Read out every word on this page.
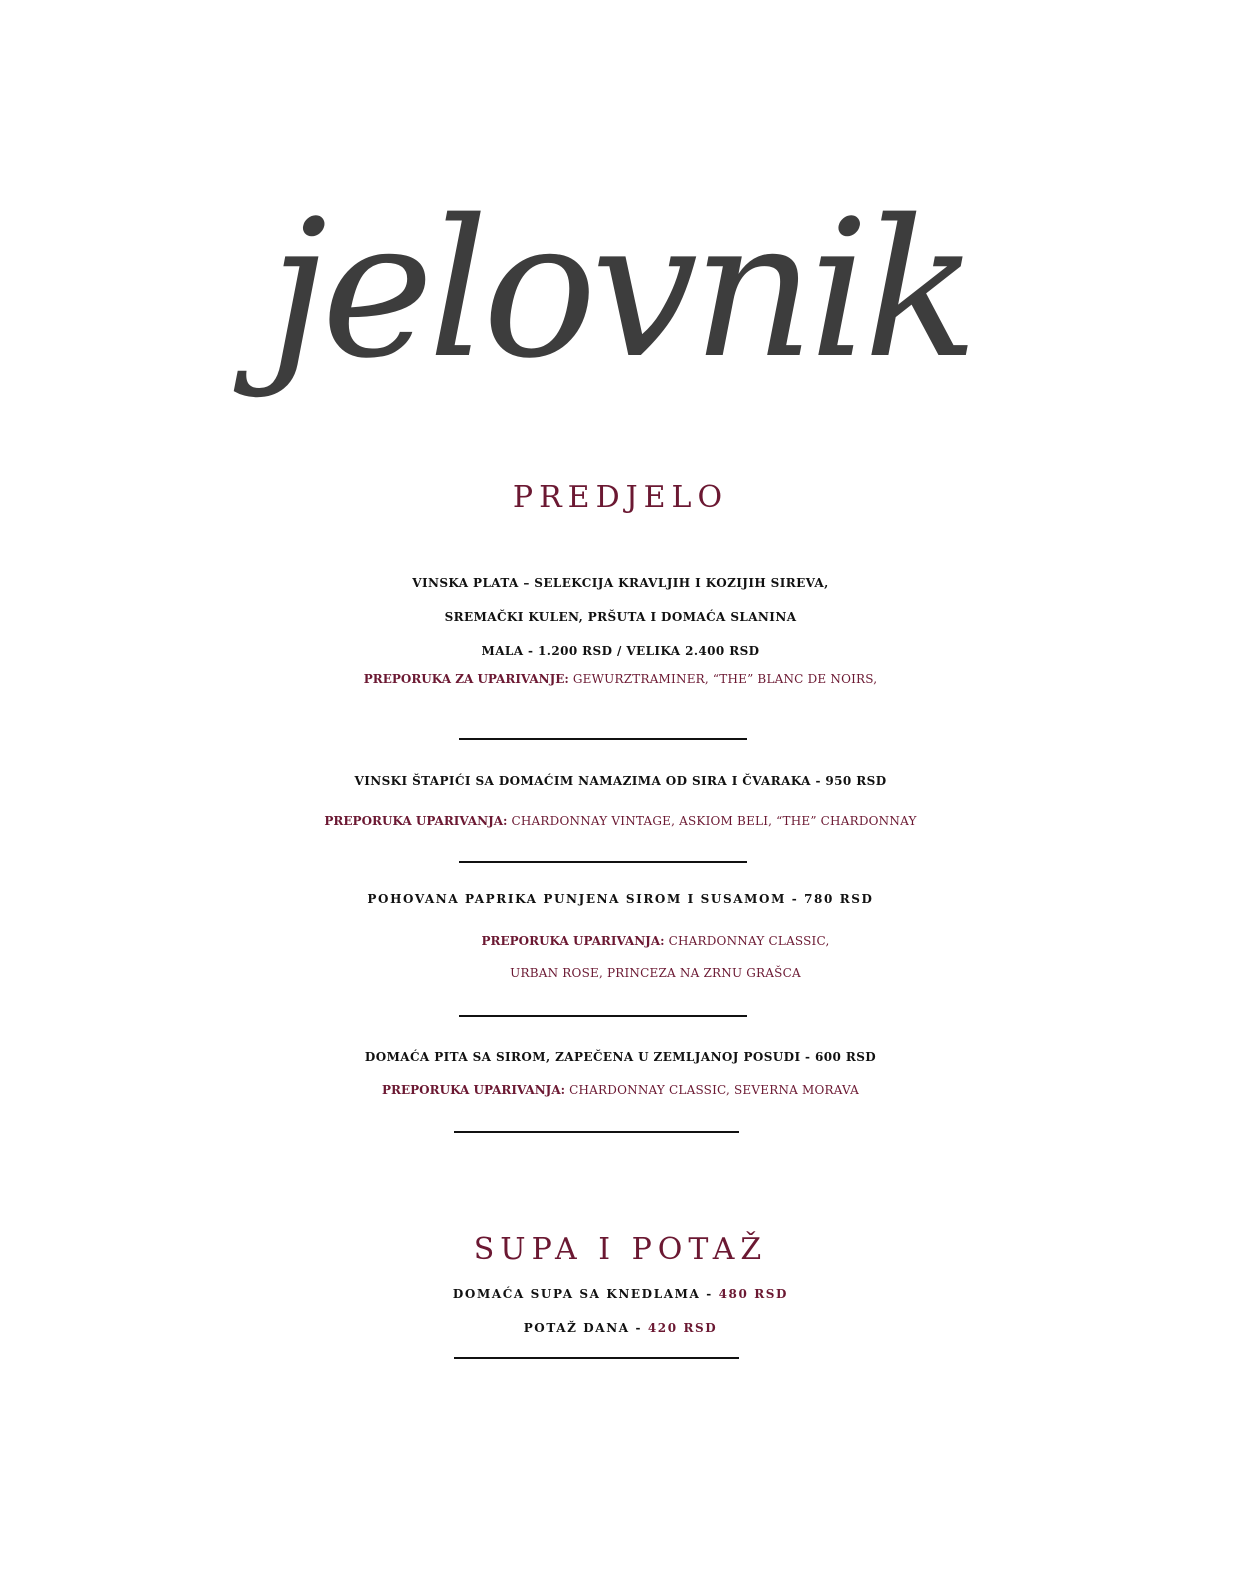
jelovnik
PREDJELO
VINSKA PLATA – SELEKCIJA KRAVLJIH I KOZIJIH SIREVA,
SREMAČKI KULEN, PRŠUTA I DOMAĆA SLANINA
MALA - 1.200 RSD / VELIKA 2.400 RSD
PREPORUKA ZA UPARIVANJE: GEWURZTRAMINER, “THE” BLANC DE NOIRS,
VINSKI ŠTAPIĆI SA DOMAĆIM NAMAZIMA OD SIRA I ČVARAKA - 950 RSD
PREPORUKA UPARIVANJA: CHARDONNAY VINTAGE, ASKIOM BELI, “THE” CHARDONNAY
POHOVANA PAPRIKA PUNJENA SIROM I SUSAMOM - 780 RSD
PREPORUKA UPARIVANJA: CHARDONNAY CLASSIC,
URBAN ROSE, PRINCEZA NA ZRNU GRAŠCA
DOMAĆA PITA SA SIROM, ZAPEČENA U ZEMLJANOJ POSUDI - 600 RSD
PREPORUKA UPARIVANJA: CHARDONNAY CLASSIC, SEVERNA MORAVA
SUPA I POTAŽ
DOMAĆA SUPA SA KNEDLAMA - 480 RSD
POTAŽ DANA - 420 RSD
